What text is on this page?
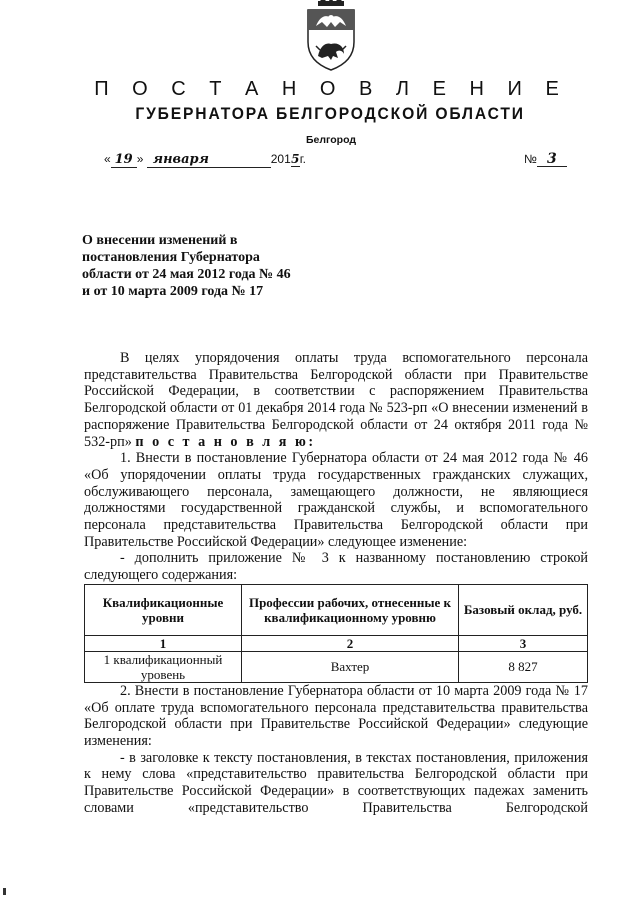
П О С Т А Н О В Л Е Н И Е
ГУБЕРНАТОРА БЕЛГОРОДСКОЙ ОБЛАСТИ
Белгород
« 19 » января	2015г.	№ 3
О внесении изменений в
постановления Губернатора
области от 24 мая 2012 года № 46
и от 10 марта 2009 года № 17

В целях упорядочения оплаты труда вспомогательного персонала представительства Правительства Белгородской области при Правительстве Российской Федерации, в соответствии с распоряжением Правительства Белгородской области от 01 декабря 2014 года № 523-рп «О внесении изменений в распоряжение Правительства Белгородской области от 24 октября 2011 года № 532-рп» п о с т а н о в л я ю:

1. Внести в постановление Губернатора области от 24 мая 2012 года № 46 «Об упорядочении оплаты труда государственных гражданских служащих, обслуживающего персонала, замещающего должности, не являющиеся должностями государственной гражданской службы, и вспомогательного персонала представительства Правительства Белгородской области при Правительстве Российской Федерации» следующее изменение:

- дополнить приложение № 3 к названному постановлению строкой следующего содержания:

Квалификационные уровни	Профессии рабочих, отнесенные к квалификационному уровню	Базовый оклад, руб.
1	2	3
1 квалификационный уровень	Вахтер	8 827

2. Внести в постановление Губернатора области от 10 марта 2009 года № 17 «Об оплате труда вспомогательного персонала представительства правительства Белгородской области при Правительстве Российской Федерации» следующие изменения:

- в заголовке к тексту постановления, в текстах постановления, приложения к нему слова «представительство правительства Белгородской области при Правительстве Российской Федерации» в соответствующих падежах заменить словами «представительство Правительства Белгородской
